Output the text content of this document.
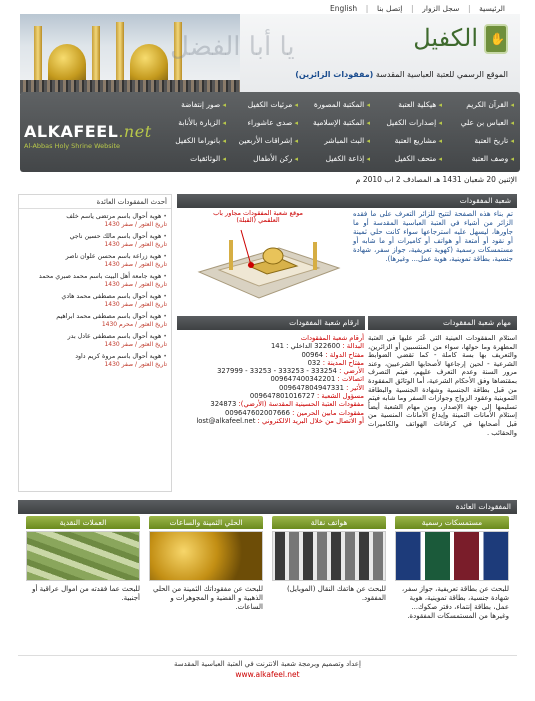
الرئيسية
|
سجل الزوار
|
إتصل بنا
|
English
يا أبا الفضل
✋	الكفيل
الموقع الرسمي للعتبة العباسية المقدسة (مفقودات الزائرين)
◂ القرآن الكريم
◂ هيكلية العتبة
◂ المكتبة المصورة
◂ مرئيات الكفيل
◂ صور إنتفاضة
◂ العباس بن علي
◂ إصدارات الكفيل
◂ المكتبة الإسلامية
◂ صدى عاشوراء
◂ الزيارة بالأنابة
◂ تاريخ العتبة
◂ مشاريع العتبة
◂ البث المباشر
◂ إشراقات الأربعين
◂ بانوراما الكفيل
◂ وصف العتبة
◂ متحف الكفيل
◂ إذاعة الكفيل
◂ ركن الأطفال
◂ الوثائقيات
ALKAFEEL.net
Al-Abbas Holy Shrine Website
الإثنين 20 شعبان 1431 هـ المصادف 2 اب 2010 م
أحدث المفقودات العائدة
• هوية أحوال باسم مرتضى ياسم خلف
تاريخ العثور / صفر 1430
• هوية أحوال باسم مالك حسين ناجي
تاريخ العثور / صفر 1430
• هوية زراعة باسم محسن علوان ناصر
تاريخ العثور / صفر 1430
• هوية جامعة أهل البيت باسم محمد صبري محمد
تاريخ العثور / صفر 1430
• هوية أحوال باسم مصطفى محمد هادي
تاريخ العثور / صفر 1430
• هوية أحوال باسم مصطفى محمد ابراهيم
تاريخ العثور / محرم 1430
• هوية أحوال باسم مصطفى عادل بدر
تاريخ العثور / صفر 1430
• هوية أحوال باسم مروة كريم داود
تاريخ العثور / صفر 1430
شعبة المفقودات
تم بناء هذه الصفحة لتتيح للزائر التعرف على ما فقده الزائر من أشياء في العتبة العباسية المقدسة أو ما جاورها، ليسهل عليه استرجاعها سواء كانت حلي ثمينة أو نقود أو أمتعة أو هواتف أو كاميرات أو ما شابه أو مستمسكات رسمية (كهوية تعريفية، جواز سفر، شهادة جنسية، بطاقة تموينية، هوية عمل... وغيرها).
موقع شعبة المفقودات مجاور باب العلقمي (القبلة)
مهام شعبة المفقودات
استلام المفقودات العينية التي عُثر عليها في العتبة المطهرة وما حولها، سواء من المنتسبين أو الزائرين، والتعريف بها بسة كاملة - كما تقضي الضوابط الشرعية - لحين إرجاعها لأصحابها الشرعيين، وعند مرور السنة وعدم التعرف عليهم، فيتم التصرف بمقتضاها وفق الأحكام الشرعية، أما الوثائق المفقودة من قبل بطاقة الجنسية وشهادة الجنسية والبطاقة التموينية وعقود الزواج وجوازات السفر وما شابه فيتم تسليمها إلى جهة الإصدار، ومن مهام الشعبة أيضاً إستلام الأمانات الثمينة وإيداع الأمانات المنسية من قبل أصحابها في كرفانات الهواتف والكاميرات والحقائب .
ارقام شعبة المفقودات
أرقام شعبة المفقودات
البدالة : 322600 الداخلي : 141
مفتاح الدولة : 00964
مفتاح المدينة : 032
الأرضي : 333254 - 333253 - 33253 - 327999
اتصالات : 009647400342201
الأثير : 009647804947331
مسؤول الشعبة : 009647801016727
مفقودات العتبة الحسينية المقدسة (الأرضي): 324873
مفقودات مابين الحرمين : 009647602007666
أو الاتصال من خلال البريد الالكتروني : lost@alkafeel.net
المفقودات العائدة
مستمسكات رسمية
للبحث عن بطاقة تعريفية، جواز سفر، شهادة جنسية، بطاقة تموينية، هوية عمل، بطاقة إنتماء، دفتر صكوك... وغيرها من المستمسكات المفقودة.
هواتف نقالة
للبحث عن هاتفك النقال (الموبايل) المفقود.
الحلي الثمينة والساعات
للبحث عن مفقوداتك الثمينة من الحلي الذهبية و الفضية و المجوهرات و الساعات.
العملات النقدية
للبحث عما فقدته من اموال عراقية أو أجنبية.
إعداد وتصميم وبرمجة شعبة الانترنت في العتبة العباسية المقدسة
www.alkafeel.net
